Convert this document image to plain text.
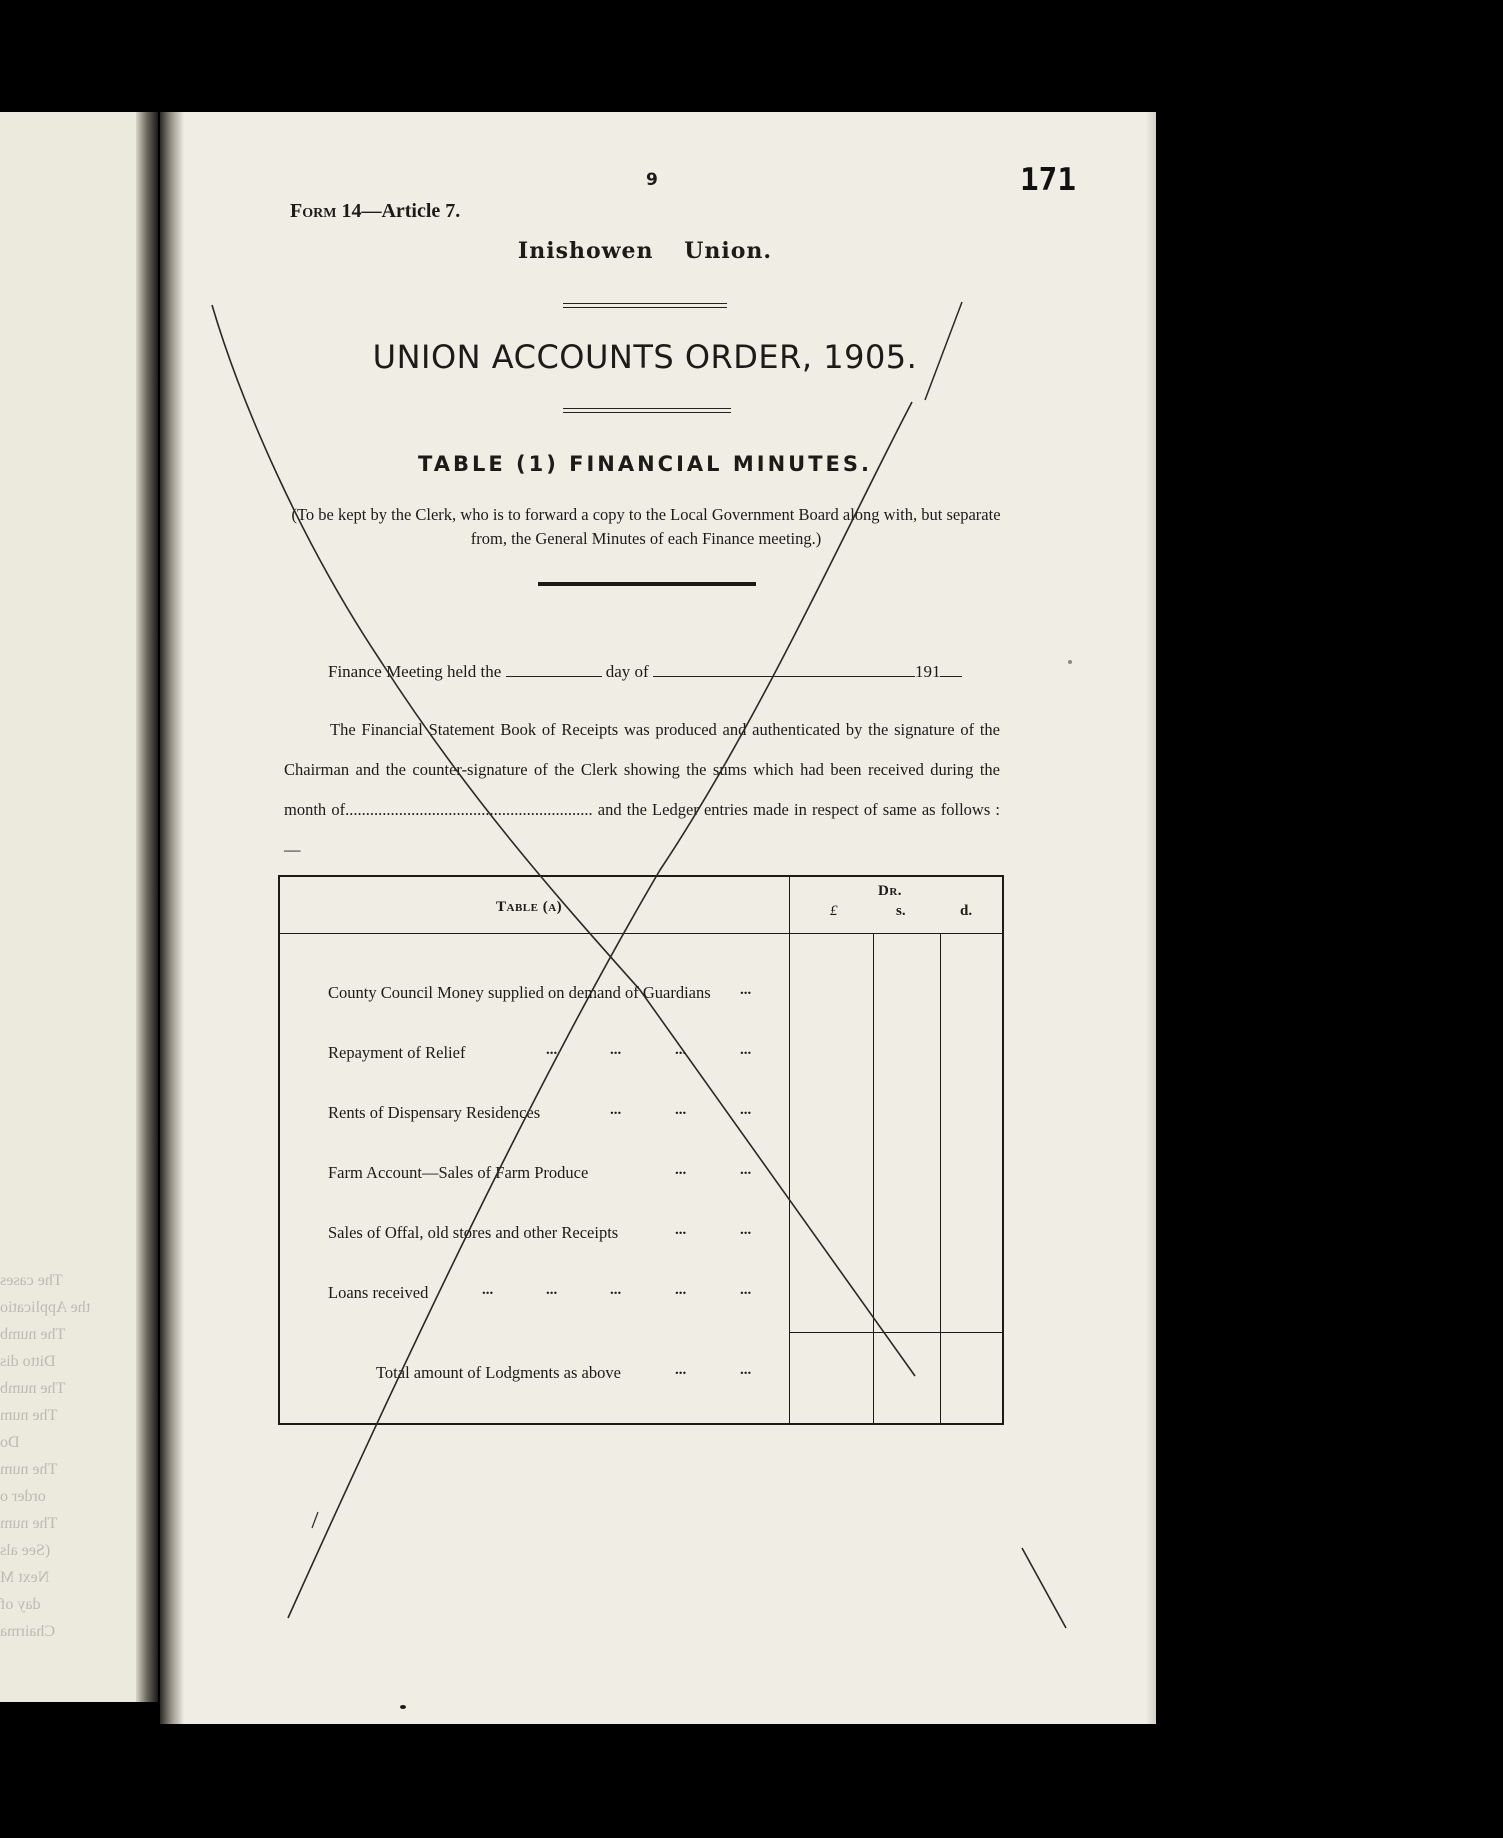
The cases
the Applicatio
The numb
Ditto dis
The numb
The num
Do
The num
order o
The num
(See als
Next M
day of
Chairma
171
9
Form 14—Article 7.
Inishowen Union.
UNION ACCOUNTS ORDER, 1905.
TABLE (1) FINANCIAL MINUTES.
(To be kept by the Clerk, who is to forward a copy to the Local Government Board along with, but separate from, the General Minutes of each Finance meeting.)
Finance Meeting held the	day of	191
The Financial Statement Book of Receipts was produced and authenticated by the signature of the Chairman and the counter-signature of the Clerk showing the sums which had been received during the month of............................................................ and the Ledger entries made in respect of same as follows :—
Table (a)
Dr.
£	s.	d.
County Council Money supplied on demand of Guardians ...
Repayment of Relief	...	...	...	...
Rents of Dispensary Residences	...	...	...
Farm Account—Sales of Farm Produce	...	...
Sales of Offal, old stores and other Receipts	...	...
Loans received	...	...	...	...	...
Total amount of Lodgments as above	...	...
